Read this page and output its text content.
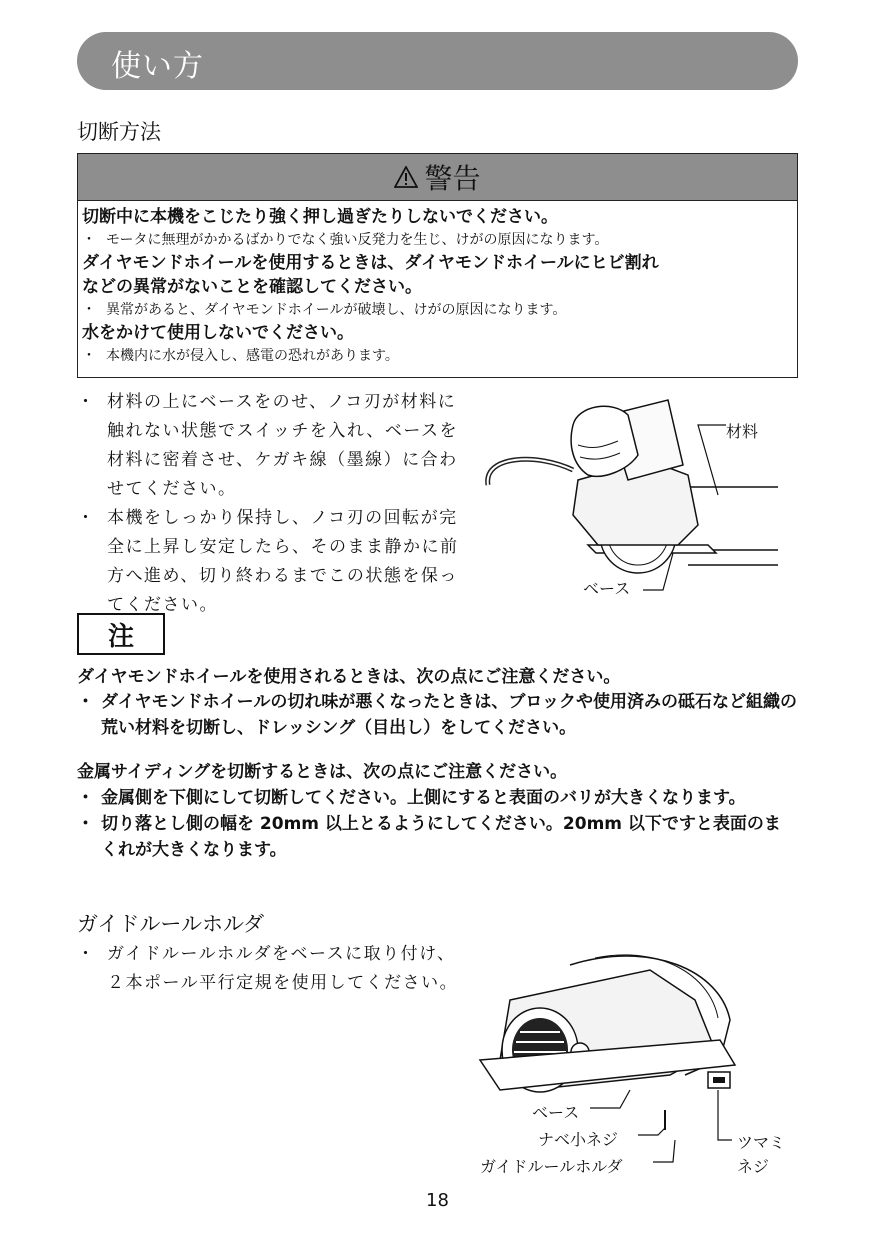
使い方
切断方法
警告
切断中に本機をこじたり強く押し過ぎたりしないでください。
・ モータに無理がかかるばかりでなく強い反発力を生じ、けがの原因になります。
ダイヤモンドホイールを使用するときは、ダイヤモンドホイールにヒビ割れ
などの異常がないことを確認してください。
・ 異常があると、ダイヤモンドホイールが破壊し、けがの原因になります。
水をかけて使用しないでください。
・ 本機内に水が侵入し、感電の恐れがあります。
・ 材料の上にベースをのせ、ノコ刃が材料に触れない状態でスイッチを入れ、ベースを材料に密着させ、ケガキ線（墨線）に合わせてください。
・ 本機をしっかり保持し、ノコ刃の回転が完全に上昇し安定したら、そのまま静かに前方へ進め、切り終わるまでこの状態を保ってください。
材料
ベース
注
ダイヤモンドホイールを使用されるときは、次の点にご注意ください。
・ ダイヤモンドホイールの切れ味が悪くなったときは、ブロックや使用済みの砥石など組織の荒い材料を切断し、ドレッシング（目出し）をしてください。
金属サイディングを切断するときは、次の点にご注意ください。
・ 金属側を下側にして切断してください。上側にすると表面のバリが大きくなります。
・ 切り落とし側の幅を 20mm 以上とるようにしてください。20mm 以下ですと表面のまくれが大きくなります。
ガイドルールホルダ
・ ガイドルールホルダをベースに取り付け、２本ポール平行定規を使用してください。
ベース
ナベ小ネジ
ガイドルールホルダ
ツマミ
ネジ
18
